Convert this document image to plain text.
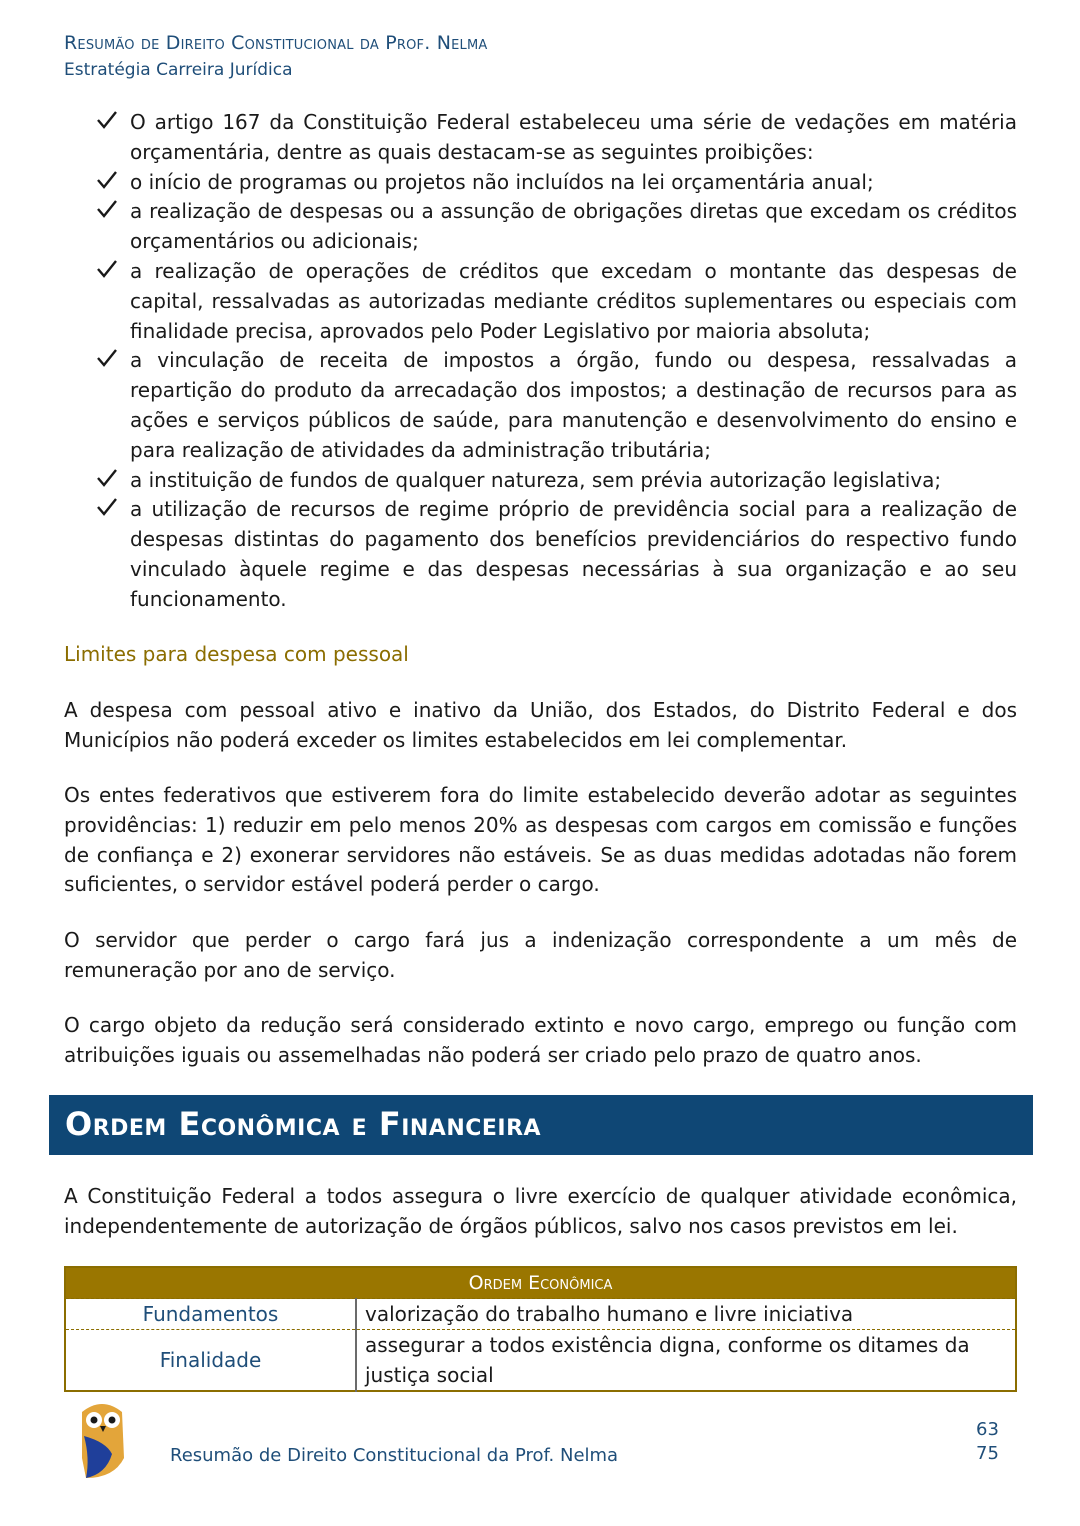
Resumão de Direito Constitucional da Prof. Nelma
Estratégia Carreira Jurídica
O artigo 167 da Constituição Federal estabeleceu uma série de vedações em matéria orçamentária, dentre as quais destacam-se as seguintes proibições:
o início de programas ou projetos não incluídos na lei orçamentária anual;
a realização de despesas ou a assunção de obrigações diretas que excedam os créditos orçamentários ou adicionais;
a realização de operações de créditos que excedam o montante das despesas de capital, ressalvadas as autorizadas mediante créditos suplementares ou especiais com finalidade precisa, aprovados pelo Poder Legislativo por maioria absoluta;
a vinculação de receita de impostos a órgão, fundo ou despesa, ressalvadas a repartição do produto da arrecadação dos impostos; a destinação de recursos para as ações e serviços públicos de saúde, para manutenção e desenvolvimento do ensino e para realização de atividades da administração tributária;
a instituição de fundos de qualquer natureza, sem prévia autorização legislativa;
a utilização de recursos de regime próprio de previdência social para a realização de despesas distintas do pagamento dos benefícios previdenciários do respectivo fundo vinculado àquele regime e das despesas necessárias à sua organização e ao seu funcionamento.
Limites para despesa com pessoal

A despesa com pessoal ativo e inativo da União, dos Estados, do Distrito Federal e dos Municípios não poderá exceder os limites estabelecidos em lei complementar.

Os entes federativos que estiverem fora do limite estabelecido deverão adotar as seguintes providências: 1) reduzir em pelo menos 20% as despesas com cargos em comissão e funções de confiança e 2) exonerar servidores não estáveis. Se as duas medidas adotadas não forem suficientes, o servidor estável poderá perder o cargo.

O servidor que perder o cargo fará jus a indenização correspondente a um mês de remuneração por ano de serviço.

O cargo objeto da redução será considerado extinto e novo cargo, emprego ou função com atribuições iguais ou assemelhadas não poderá ser criado pelo prazo de quatro anos.

Ordem Econômica e Financeira

A Constituição Federal a todos assegura o livre exercício de qualquer atividade econômica, independentemente de autorização de órgãos públicos, salvo nos casos previstos em lei.

Ordem Econômica	
Fundamentos	valorização do trabalho humano e livre iniciativa
Finalidade	assegurar a todos existência digna, conforme os ditames da justiça social
Resumão de Direito Constitucional da Prof. Nelma
63
75
